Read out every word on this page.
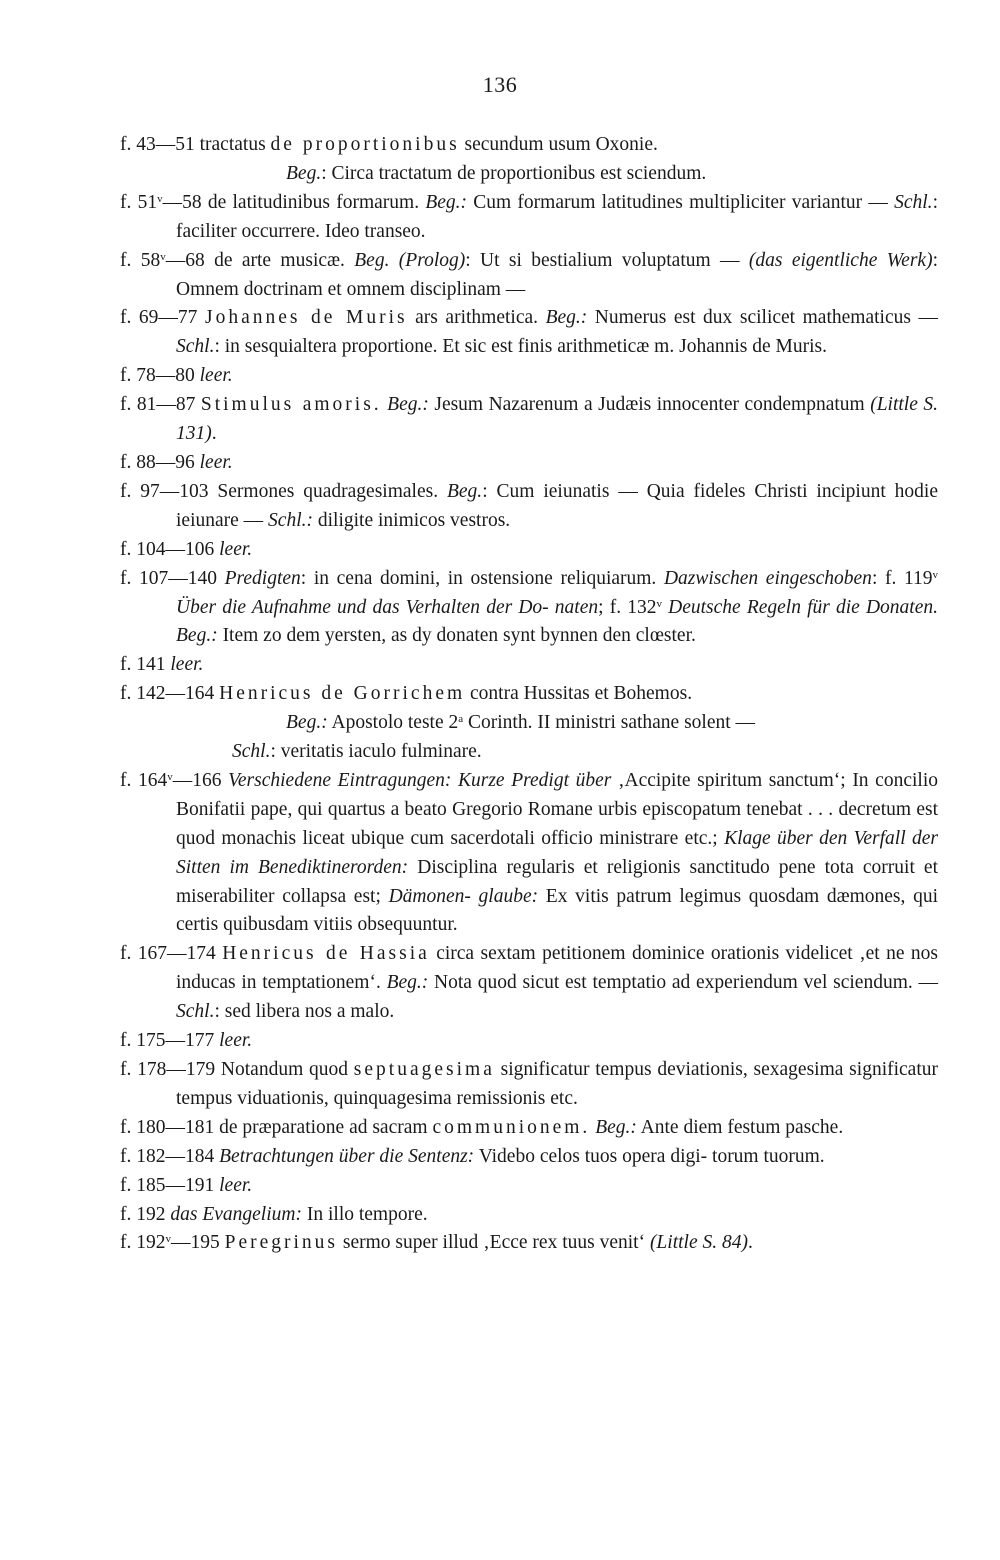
136

f. 43—51 tractatus de proportionibus secundum usum Oxonie.
Beg.: Circa tractatum de proportionibus est sciendum.

f. 51$^v$—58 de latitudinibus formarum. Beg.: Cum formarum latitudines multipliciter variantur — Schl.: faciliter occurrere. Ideo transeo.

f. 58$^v$—68 de arte musicæ. Beg. (Prolog): Ut si bestialium voluptatum — (das eigentliche Werk): Omnem doctrinam et omnem disciplinam —

f. 69—77 Johannes de Muris ars arithmetica. Beg.: Numerus est dux scilicet mathematicus — Schl.: in sesquialtera proportione. Et sic est finis arithmeticæ m. Johannis de Muris.

f. 78—80 leer.

f. 81—87 Stimulus amoris. Beg.: Jesum Nazarenum a Judæis innocenter condempnatum (Little S. 131).

f. 88—96 leer.

f. 97—103 Sermones quadragesimales. Beg.: Cum ieiunatis — Quia fideles Christi incipiunt hodie ieiunare — Schl.: diligite inimicos vestros.

f. 104—106 leer.

f. 107—140 Predigten: in cena domini, in ostensione reliquiarum. Dazwischen eingeschoben: f. 119$^v$ Über die Aufnahme und das Verhalten der Do- naten; f. 132$^v$ Deutsche Regeln für die Donaten. Beg.: Item zo dem yersten, as dy donaten synt bynnen den clœster.

f. 141 leer.

f. 142—164 Henricus de Gorrichem contra Hussitas et Bohemos.
Beg.: Apostolo teste 2$^a$ Corinth. II ministri sathane solent —
Schl.: veritatis iaculo fulminare.

f. 164$^v$—166 Verschiedene Eintragungen: Kurze Predigt über ‚Accipite spiritum sanctum‘; In concilio Bonifatii pape, qui quartus a beato Gregorio Romane urbis episcopatum tenebat . . . decretum est quod monachis liceat ubique cum sacerdotali officio ministrare etc.; Klage über den Verfall der Sitten im Benediktinerorden: Disciplina regularis et religionis sanctitudo pene tota corruit et miserabiliter collapsa est; Dämonen- glaube: Ex vitis patrum legimus quosdam dæmones, qui certis quibusdam vitiis obsequuntur.

f. 167—174 Henricus de Hassia circa sextam petitionem dominice orationis videlicet ‚et ne nos inducas in temptationem‘. Beg.: Nota quod sicut est temptatio ad experiendum vel sciendum. — Schl.: sed libera nos a malo.

f. 175—177 leer.

f. 178—179 Notandum quod septuagesima significatur tempus deviationis, sexagesima significatur tempus viduationis, quinquagesima remissionis etc.

f. 180—181 de præparatione ad sacram communionem. Beg.: Ante diem festum pasche.

f. 182—184 Betrachtungen über die Sentenz: Videbo celos tuos opera digi- torum tuorum.

f. 185—191 leer.

f. 192 das Evangelium: In illo tempore.

f. 192$^v$—195 Peregrinus sermo super illud ‚Ecce rex tuus venit‘ (Little S. 84).
